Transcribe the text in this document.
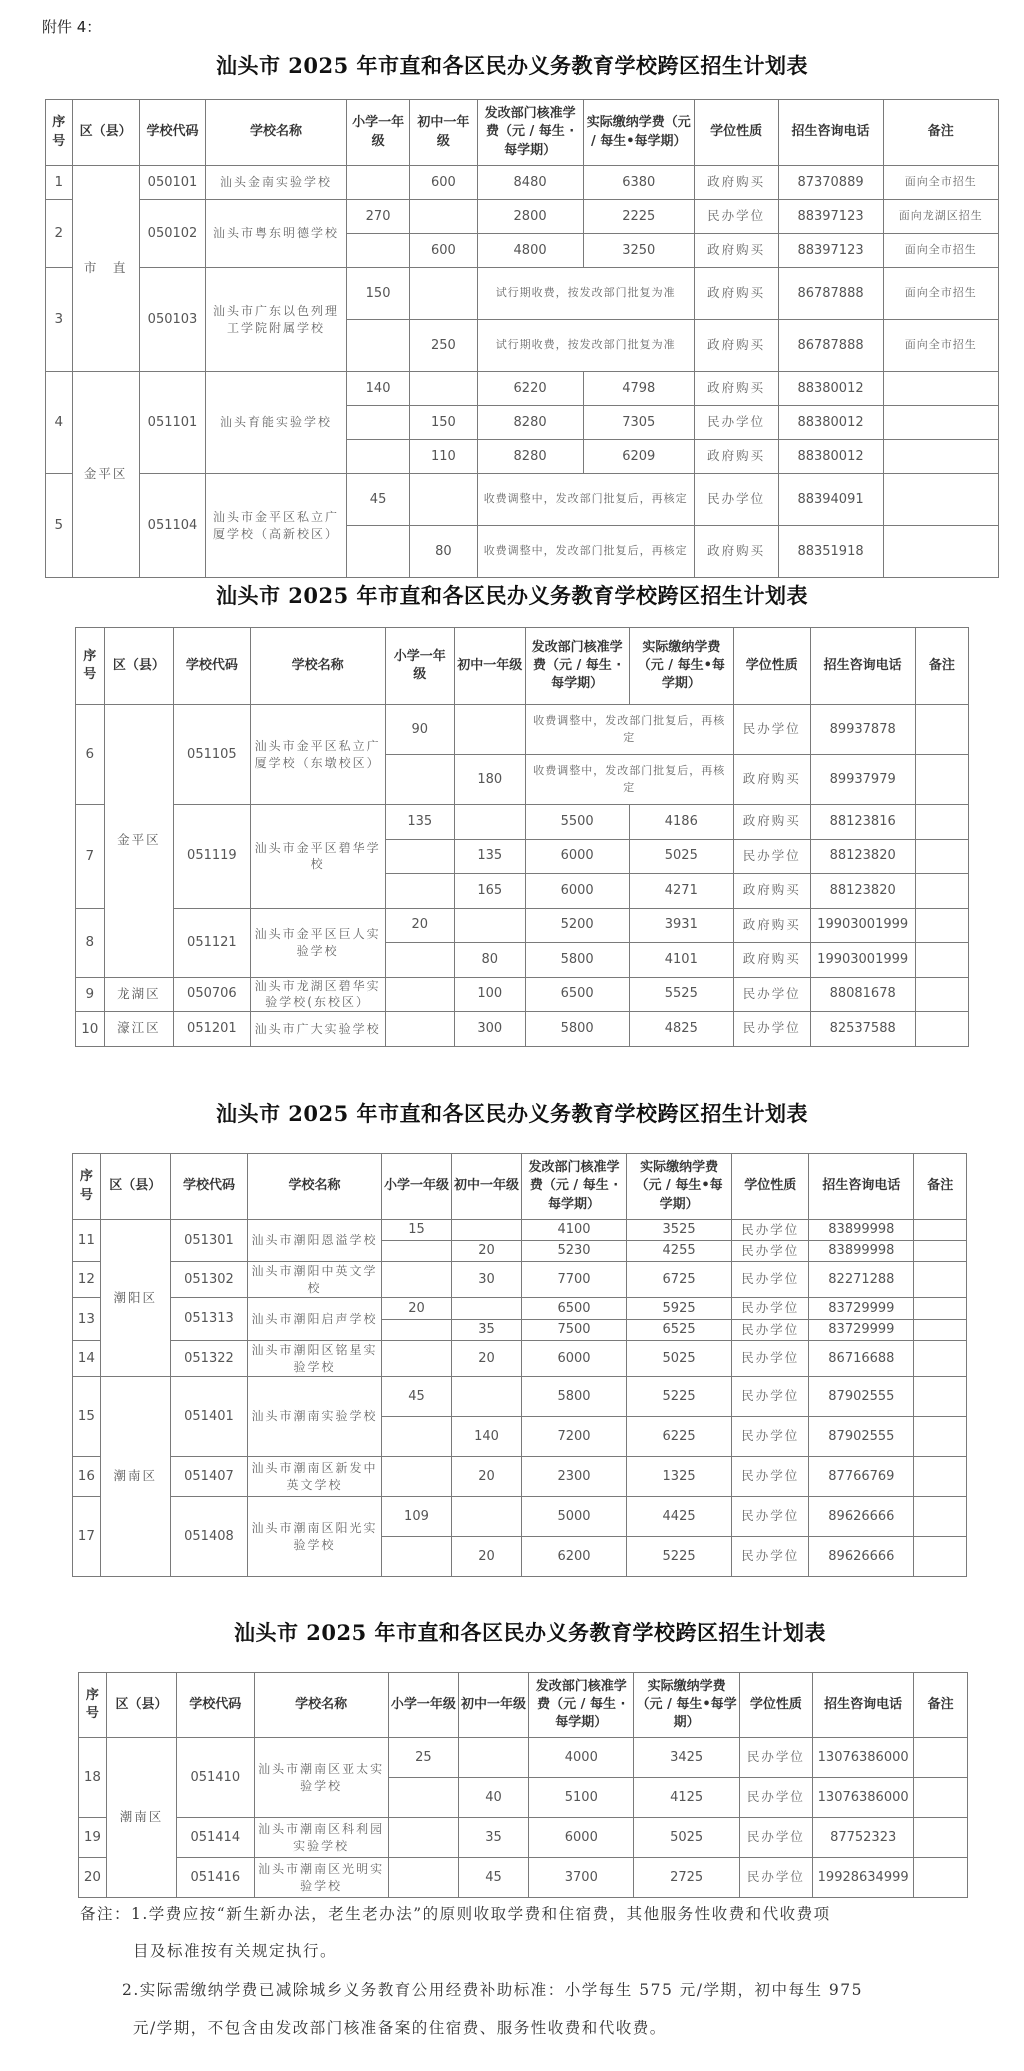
附件 4：
汕头市 2025 年市直和各区民办义务教育学校跨区招生计划表
序号	区（县）	学校代码	学校名称	小学一年级	初中一年级	发改部门核准学费（元 / 每生 · 每学期）	实际缴纳学费（元 / 每生•每学期）	学位性质	招生咨询电话	备注
1	市　直	050101	汕头金南实验学校		600	8480	6380	政府购买	87370889	面向全市招生
2		050102	汕头市粤东明德学校	270		2800	2225	民办学位	88397123	面向龙湖区招生
					600	4800	3250	政府购买	88397123	面向全市招生
3		050103	汕头市广东以色列理工学院附属学校	150		试行期收费，按发改部门批复为准		政府购买	86787888	面向全市招生
					250	试行期收费，按发改部门批复为准		政府购买	86787888	面向全市招生
4	金平区	051101	汕头育能实验学校	140		6220	4798	政府购买	88380012	
					150	8280	7305	民办学位	88380012	
					110	8280	6209	政府购买	88380012	
5		051104	汕头市金平区私立广厦学校（高新校区）	45		收费调整中，发改部门批复后，再核定		民办学位	88394091	
					80	收费调整中，发改部门批复后，再核定		政府购买	88351918	
汕头市 2025 年市直和各区民办义务教育学校跨区招生计划表
序号	区（县）	学校代码	学校名称	小学一年级	初中一年级	发改部门核准学费（元 / 每生 · 每学期）	实际缴纳学费（元 / 每生•每学期）	学位性质	招生咨询电话	备注
6	金平区	051105	汕头市金平区私立广厦学校（东墩校区）	90		收费调整中，发改部门批复后，再核定		民办学位	89937878	
					180	收费调整中，发改部门批复后，再核定		政府购买	89937979	
7		051119	汕头市金平区碧华学校	135		5500	4186	政府购买	88123816	
					135	6000	5025	民办学位	88123820	
					165	6000	4271	政府购买	88123820	
8		051121	汕头市金平区巨人实验学校	20		5200	3931	政府购买	19903001999	
					80	5800	4101	政府购买	19903001999	
9	龙湖区	050706	汕头市龙湖区碧华实验学校(东校区）		100	6500	5525	民办学位	88081678	
10	濠江区	051201	汕头市广大实验学校		300	5800	4825	民办学位	82537588	
汕头市 2025 年市直和各区民办义务教育学校跨区招生计划表
序号	区（县）	学校代码	学校名称	小学一年级	初中一年级	发改部门核准学费（元 / 每生 · 每学期）	实际缴纳学费（元 / 每生•每学期）	学位性质	招生咨询电话	备注
11	潮阳区	051301	汕头市潮阳恩溢学校	15		4100	3525	民办学位	83899998	
					20	5230	4255	民办学位	83899998	
12		051302	汕头市潮阳中英文学校		30	7700	6725	民办学位	82271288	
13		051313	汕头市潮阳启声学校	20		6500	5925	民办学位	83729999	
					35	7500	6525	民办学位	83729999	
14		051322	汕头市潮阳区铭星实验学校		20	6000	5025	民办学位	86716688	
15	潮南区	051401	汕头市潮南实验学校	45		5800	5225	民办学位	87902555	
					140	7200	6225	民办学位	87902555	
16		051407	汕头市潮南区新发中英文学校		20	2300	1325	民办学位	87766769	
17		051408	汕头市潮南区阳光实验学校	109		5000	4425	民办学位	89626666	
					20	6200	5225	民办学位	89626666	
汕头市 2025 年市直和各区民办义务教育学校跨区招生计划表
序号	区（县）	学校代码	学校名称	小学一年级	初中一年级	发改部门核准学费（元 / 每生 · 每学期）	实际缴纳学费（元 / 每生•每学期）	学位性质	招生咨询电话	备注
18	潮南区	051410	汕头市潮南区亚太实验学校	25		4000	3425	民办学位	13076386000	
					40	5100	4125	民办学位	13076386000	
19		051414	汕头市潮南区科利园实验学校		35	6000	5025	民办学位	87752323	
20		051416	汕头市潮南区光明实验学校		45	3700	2725	民办学位	19928634999	
备注：1.学费应按“新生新办法，老生老办法”的原则收取学费和住宿费，其他服务性收费和代收费项
目及标准按有关规定执行。
2.实际需缴纳学费已减除城乡义务教育公用经费补助标准：小学每生 575 元/学期，初中每生 975
元/学期，不包含由发改部门核准备案的住宿费、服务性收费和代收费。
